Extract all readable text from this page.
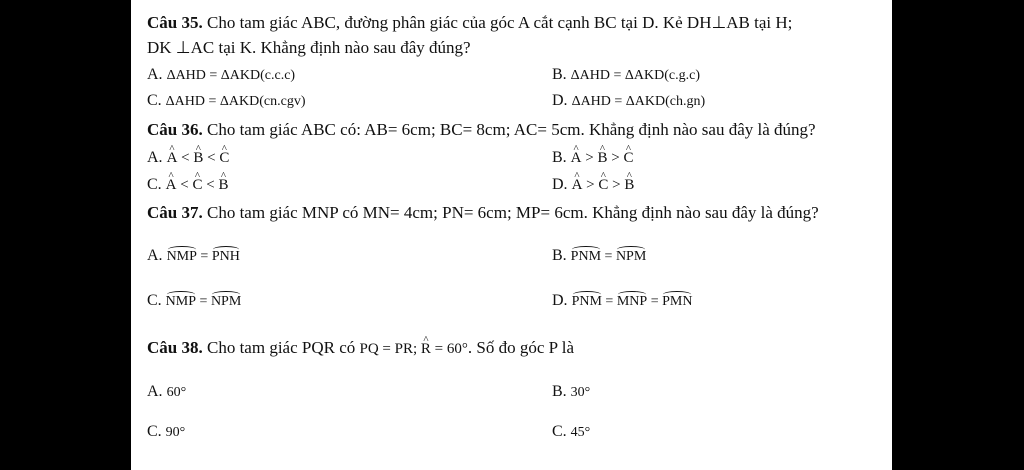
Câu 35. Cho tam giác ABC, đường phân giác của góc A cắt cạnh BC tại D. Kẻ DH⊥AB tại H;
DK ⊥AC tại K. Khẳng định nào sau đây đúng?
A. ΔAHD = ΔAKD(c.c.c)	B. ΔAHD = ΔAKD(c.g.c)
C. ΔAHD = ΔAKD(cn.cgv)	D. ΔAHD = ΔAKD(ch.gn)
Câu 36. Cho tam giác ABC có: AB= 6cm; BC= 8cm; AC= 5cm. Khẳng định nào sau đây là đúng?
A. ^ A < ^ B < ^ C	B. ^ A > ^ B > ^ C
C. ^ A < ^ C < ^ B	D. ^ A > ^ C > ^ B
Câu 37. Cho tam giác MNP có MN= 4cm; PN= 6cm; MP= 6cm. Khẳng định nào sau đây là đúng?
A. NMP = PNH	B. PNM = NPM
C. NMP = NPM	D. PNM = MNP = PMN
Câu 38. Cho tam giác PQR có PQ = PR; ^ R = 60°. Số đo góc P là
A. 60°	B. 30°
C. 90°	C. 45°
